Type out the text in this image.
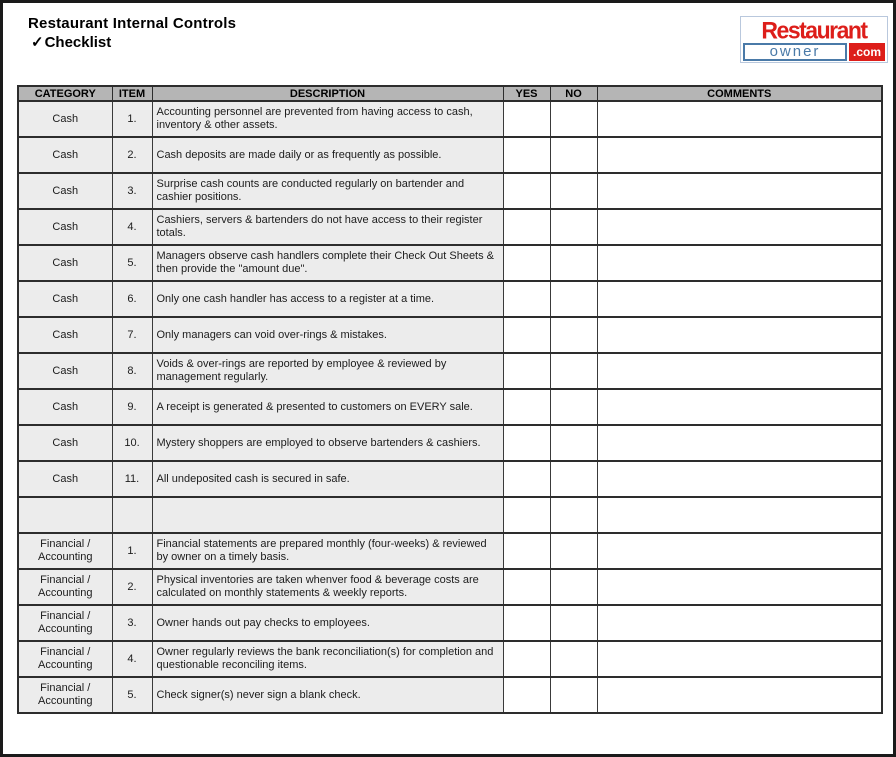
Restaurant Internal Controls
✓Checklist	Restaurant
owner	.com
CATEGORY	ITEM	DESCRIPTION	YES	NO	COMMENTS
Cash	1.	Accounting personnel are prevented from having access to cash, inventory & other assets.			
Cash	2.	Cash deposits are made daily or as frequently as possible.			
Cash	3.	Surprise cash counts are conducted regularly on bartender and cashier positions.			
Cash	4.	Cashiers, servers & bartenders do not have access to their register totals.			
Cash	5.	Managers observe cash handlers complete their Check Out Sheets & then provide the "amount due".			
Cash	6.	Only one cash handler has access to a register at a time.			
Cash	7.	Only managers can void over-rings & mistakes.			
Cash	8.	Voids & over-rings are reported by employee & reviewed by management regularly.			
Cash	9.	A receipt is generated & presented to customers on EVERY sale.			
Cash	10.	Mystery shoppers are employed to observe bartenders & cashiers.			
Cash	11.	All undeposited cash is secured in safe.			

Financial / Accounting	1.	Financial statements are prepared monthly (four-weeks) & reviewed by owner on a timely basis.			
Financial / Accounting	2.	Physical inventories are taken whenver food & beverage costs are calculated on monthly statements & weekly reports.			
Financial / Accounting	3.	Owner hands out pay checks to employees.			
Financial / Accounting	4.	Owner regularly reviews the bank reconciliation(s) for completion and questionable reconciling items.			
Financial / Accounting	5.	Check signer(s) never sign a blank check.			
